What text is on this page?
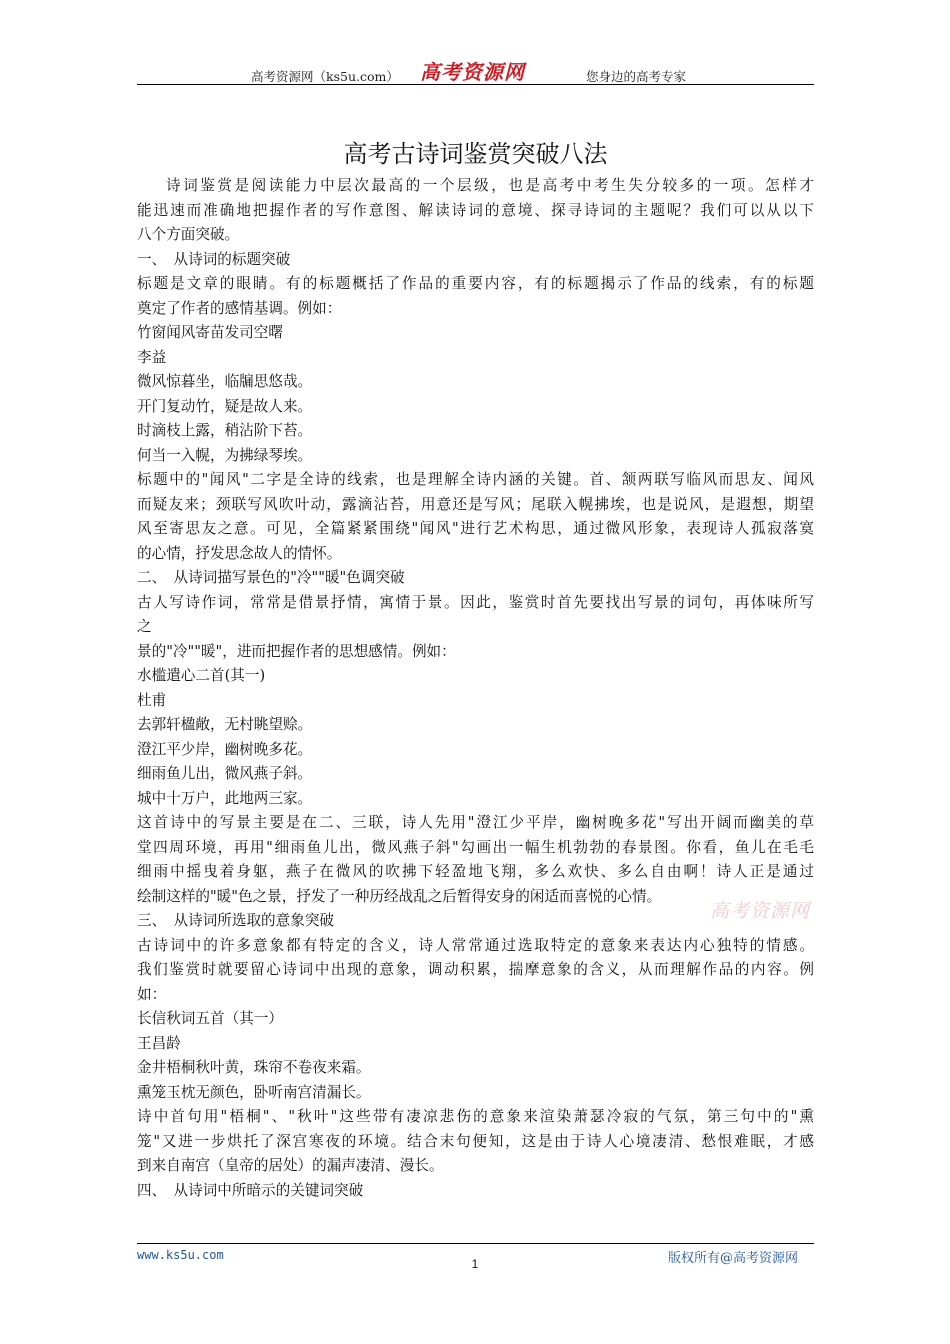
高考资源网（ks5u.com） 高考资源网	您身边的高考专家
高考古诗词鉴赏突破八法
诗词鉴赏是阅读能力中层次最高的一个层级，也是高考中考生失分较多的一项。怎样才
能迅速而准确地把握作者的写作意图、解读诗词的意境、探寻诗词的主题呢？我们可以从以下
八个方面突破。
一、　从诗词的标题突破
标题是文章的眼睛。有的标题概括了作品的重要内容，有的标题揭示了作品的线索，有的标题
奠定了作者的感情基调。例如：
竹窗闻风寄苗发司空曙
李益
微风惊暮坐，临牖思悠哉。
开门复动竹，疑是故人来。
时滴枝上露，稍沾阶下苔。
何当一入幌，为拂绿琴埃。
标题中的"闻风"二字是全诗的线索，也是理解全诗内涵的关键。首、颔两联写临风而思友、闻风
而疑友来；颈联写风吹叶动，露滴沾苔，用意还是写风；尾联入幌拂埃，也是说风，是遐想，期望
风至寄思友之意。可见，全篇紧紧围绕"闻风"进行艺术构思，通过微风形象，表现诗人孤寂落寞
的心情，抒发思念故人的情怀。
二、　从诗词描写景色的"冷""暖"色调突破
古人写诗作词，常常是借景抒情，寓情于景。因此，鉴赏时首先要找出写景的词句，再体味所写
之
景的"冷""暖"，进而把握作者的思想感情。例如：
水槛遣心二首(其一)
杜甫
去郭轩楹敞，无村眺望赊。
澄江平少岸，幽树晚多花。
细雨鱼儿出，微风燕子斜。
城中十万户，此地两三家。
这首诗中的写景主要是在二、三联，诗人先用"澄江少平岸，幽树晚多花"写出开阔而幽美的草
堂四周环境，再用"细雨鱼儿出，微风燕子斜"勾画出一幅生机勃勃的春景图。你看，鱼儿在毛毛
细雨中摇曳着身躯，燕子在微风的吹拂下轻盈地飞翔，多么欢快、多么自由啊！诗人正是通过
绘制这样的"暖"色之景，抒发了一种历经战乱之后暂得安身的闲适而喜悦的心情。
三、　从诗词所选取的意象突破
古诗词中的许多意象都有特定的含义，诗人常常通过选取特定的意象来表达内心独特的情感。
我们鉴赏时就要留心诗词中出现的意象，调动积累，揣摩意象的含义，从而理解作品的内容。例
如：
长信秋词五首（其一）
王昌龄
金井梧桐秋叶黄，珠帘不卷夜来霜。
熏笼玉枕无颜色，卧听南宫清漏长。
诗中首句用"梧桐"、"秋叶"这些带有凄凉悲伤的意象来渲染萧瑟冷寂的气氛，第三句中的"熏
笼"又进一步烘托了深宫寒夜的环境。结合末句便知，这是由于诗人心境凄清、愁恨难眠，才感
到来自南宫（皇帝的居处）的漏声凄清、漫长。
四、　从诗词中所暗示的关键词突破
高考资源网
www.ks5u.com
1	版权所有@高考资源网
